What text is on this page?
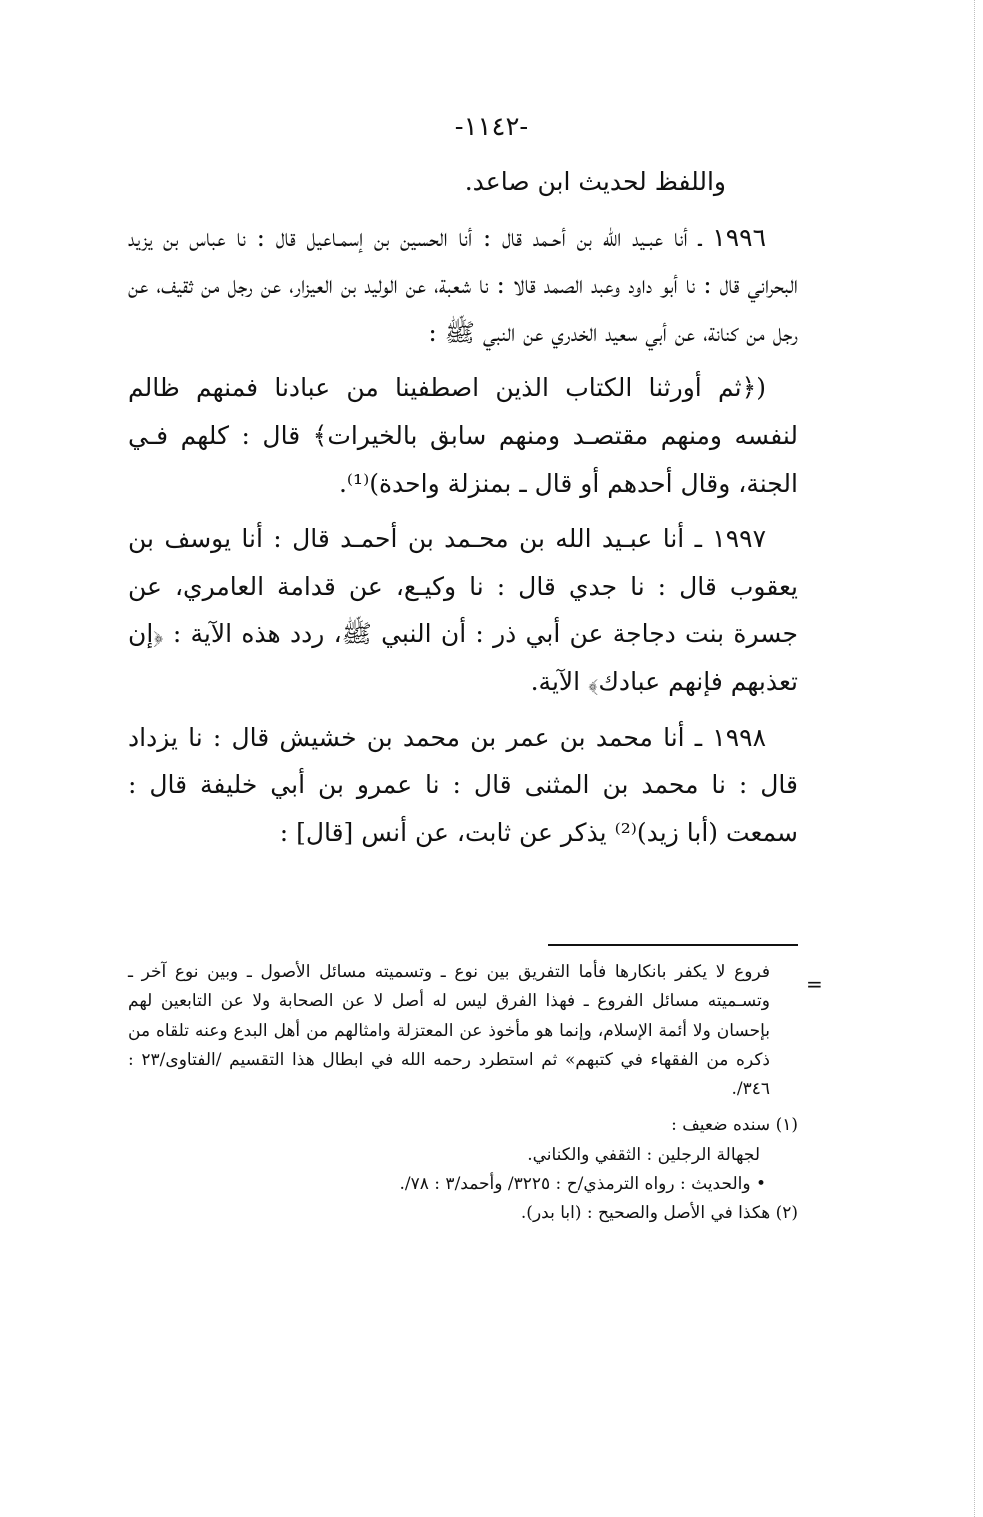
-١١٤٢-

واللفظ لحديث ابن صاعد.

١٩٩٦ ـ أنا عبـيد الله بن أحـمد قال : أنا الحسين بن إسمـاعيل قال : نا عباس بن يزيد البحراني قال : نا أبو داود وعبد الصمد قالا : نا شعبة، عن الوليد بن العيزار، عن رجل من ثقيف، عن رجل من كنانة، عن أبي سعيد الخدري عن النبي ﷺ :

(﴿ثم أورثنا الكتاب الذين اصطفينا من عبادنا فمنهم ظالم لنفسه ومنهم مقتصـد ومنهم سابق بالخيرات﴾ قال : كلهم فـي الجنة، وقال أحدهم أو قال ـ بمنزلة واحدة)⁽¹⁾.

١٩٩٧ ـ أنا عبـيد الله بن محـمد بن أحمـد قال : أنا يوسف بن يعقوب قال : نا جدي قال : نا وكيـع، عن قدامة العامري، عن جسرة بنت دجاجة عن أبي ذر : أن النبي ﷺ، ردد هذه الآية : ﴿إن تعذبهم فإنهم عبادك﴾ الآية.

١٩٩٨ ـ أنا محمد بن عمر بن محمد بن خشيش قال : نا يزداد قال : نا محمد بن المثنى قال : نا عمرو بن أبي خليفة قال : سمعت (أبا زيد)⁽²⁾ يذكر عن ثابت، عن أنس [قال] :

=

فروع لا يكفر بانكارها فأما التفريق بين نوع ـ وتسميته مسائل الأصول ـ وبين نوع آخر ـ وتسـميته مسائل الفروع ـ فهذا الفرق ليس له أصل لا عن الصحابة ولا عن التابعين لهم بإحسان ولا أئمة الإسلام، وإنما هو مأخوذ عن المعتزلة وامثالهم من أهل البدع وعنه تلقاه من ذكره من الفقهاء في كتبهم» ثم استطرد رحمه الله في ابطال هذا التقسيم /الفتاوى/٢٣ : ٣٤٦/.

(١) سنده ضعيف :

لجهالة الرجلين : الثقفي والكناني.

• والحديث : رواه الترمذي/ح : ٣٢٢٥/ وأحمد/٣ : ٧٨/.

(٢) هكذا في الأصل والصحيح : (ابا بدر).
